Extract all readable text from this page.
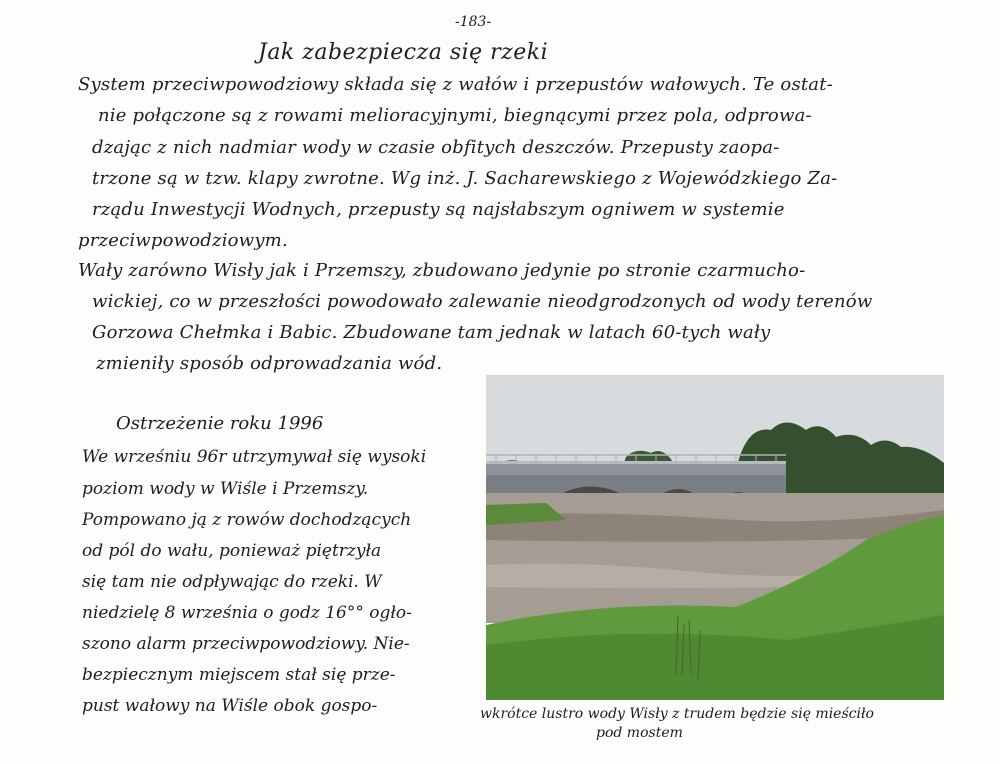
-183-
Jak zabezpiecza się rzeki
System przeciwpowodziowy składa się z wałów i przepustów wałowych. Te ostat-
nie połączone są z rowami melioracyjnymi, biegnącymi przez pola, odprowa-
dzając z nich nadmiar wody w czasie obfitych deszczów. Przepusty zaopa-
trzone są w tzw. klapy zwrotne. Wg inż. J. Sacharewskiego z Wojewódzkiego Za-
rządu Inwestycji Wodnych, przepusty są najsłabszym ogniwem w systemie
przeciwpowodziowym.
Wały zarówno Wisły jak i Przemszy, zbudowano jedynie po stronie czarmucho-
wickiej, co w przeszłości powodowało zalewanie nieodgrodzonych od wody terenów
Gorzowa Chełmka i Babic. Zbudowane tam jednak w latach 60-tych wały
zmieniły sposób odprowadzania wód.
Ostrzeżenie roku 1996
We wrześniu 96r utrzymywał się wysoki
poziom wody w Wiśle i Przemszy.
Pompowano ją z rowów dochodzących
od pól do wału, ponieważ piętrzyła
się tam nie odpływając do rzeki. W
niedzielę 8 września o godz 16°° ogło-
szono alarm przeciwpowodziowy. Nie-
bezpiecznym miejscem stał się prze-
pust wałowy na Wiśle obok gospo-	wkrótce lustro wody Wisły z trudem będzie się mieściło
pod mostem
